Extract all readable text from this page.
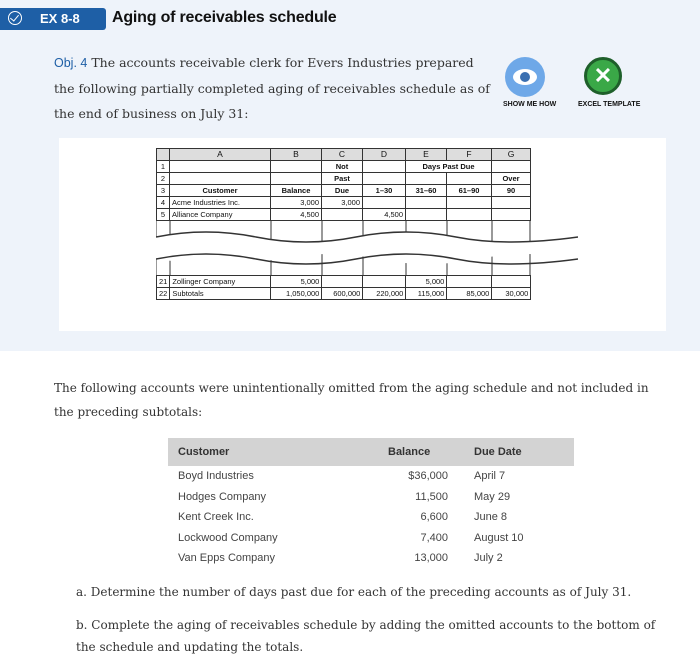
EX 8-8 Aging of receivables schedule
Obj. 4 The accounts receivable clerk for Evers Industries prepared the following partially completed aging of receivables schedule as of the end of business on July 31:
SHOW ME HOW
✕
EXCEL TEMPLATE
	A	B	C	D	E	F	G
1			Not		Days Past Due		
2			Past				Over
3	Customer	Balance	Due	1–30	31–60	61–90	90
4	Acme Industries Inc.	3,000	3,000				
5	Alliance Company	4,500		4,500			
21	Zollinger Company	5,000			5,000		
22	Subtotals	1,050,000	600,000	220,000	115,000	85,000	30,000
The following accounts were unintentionally omitted from the aging schedule and not included in the preceding subtotals:
Customer	Balance	Due Date
Boyd Industries	$36,000	April 7
Hodges Company	11,500	May 29
Kent Creek Inc.	6,600	June 8
Lockwood Company	7,400	August 10
Van Epps Company	13,000	July 2
a. Determine the number of days past due for each of the preceding accounts as of July 31.
b. Complete the aging of receivables schedule by adding the omitted accounts to the bottom of the schedule and updating the totals.
